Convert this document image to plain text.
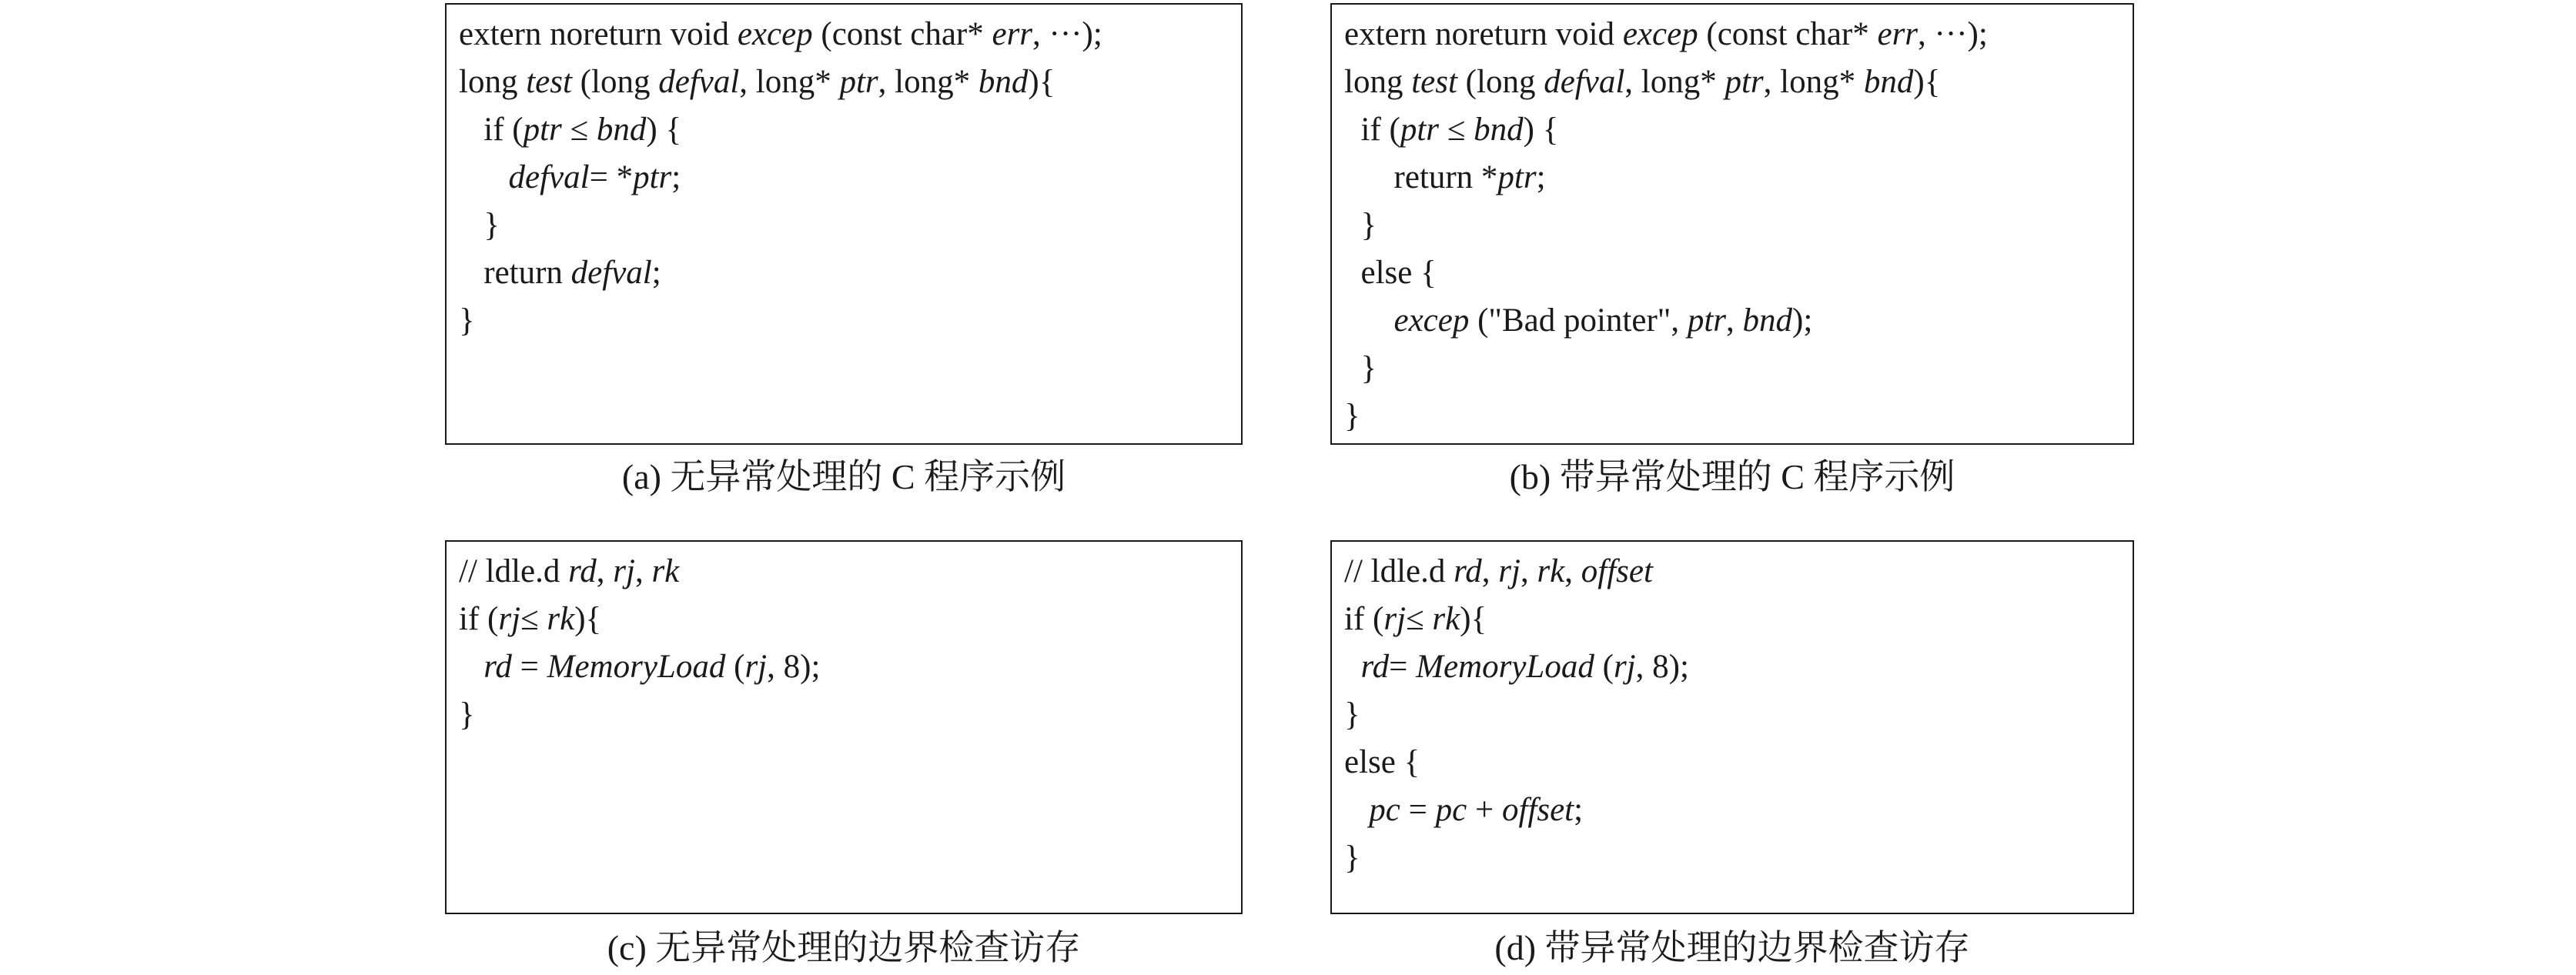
extern noreturn void excep (const char* err, ···);
long test (long defval, long* ptr, long* bnd){
if (ptr ≤ bnd) {
defval= *ptr;
}
return defval;
}
extern noreturn void excep (const char* err, ···);
long test (long defval, long* ptr, long* bnd){
if (ptr ≤ bnd) {
return *ptr;
}
else {
excep ("Bad pointer", ptr, bnd);
}
}
// ldle.d rd, rj, rk
if (rj≤ rk){
rd = MemoryLoad (rj, 8);
}
// ldle.d rd, rj, rk, offset
if (rj≤ rk){
rd= MemoryLoad (rj, 8);
}
else {
pc = pc + offset;
}
(a) 无异常处理的 C 程序示例	(b) 带异常处理的 C 程序示例
(c) 无异常处理的边界检查访存	(d) 带异常处理的边界检查访存
